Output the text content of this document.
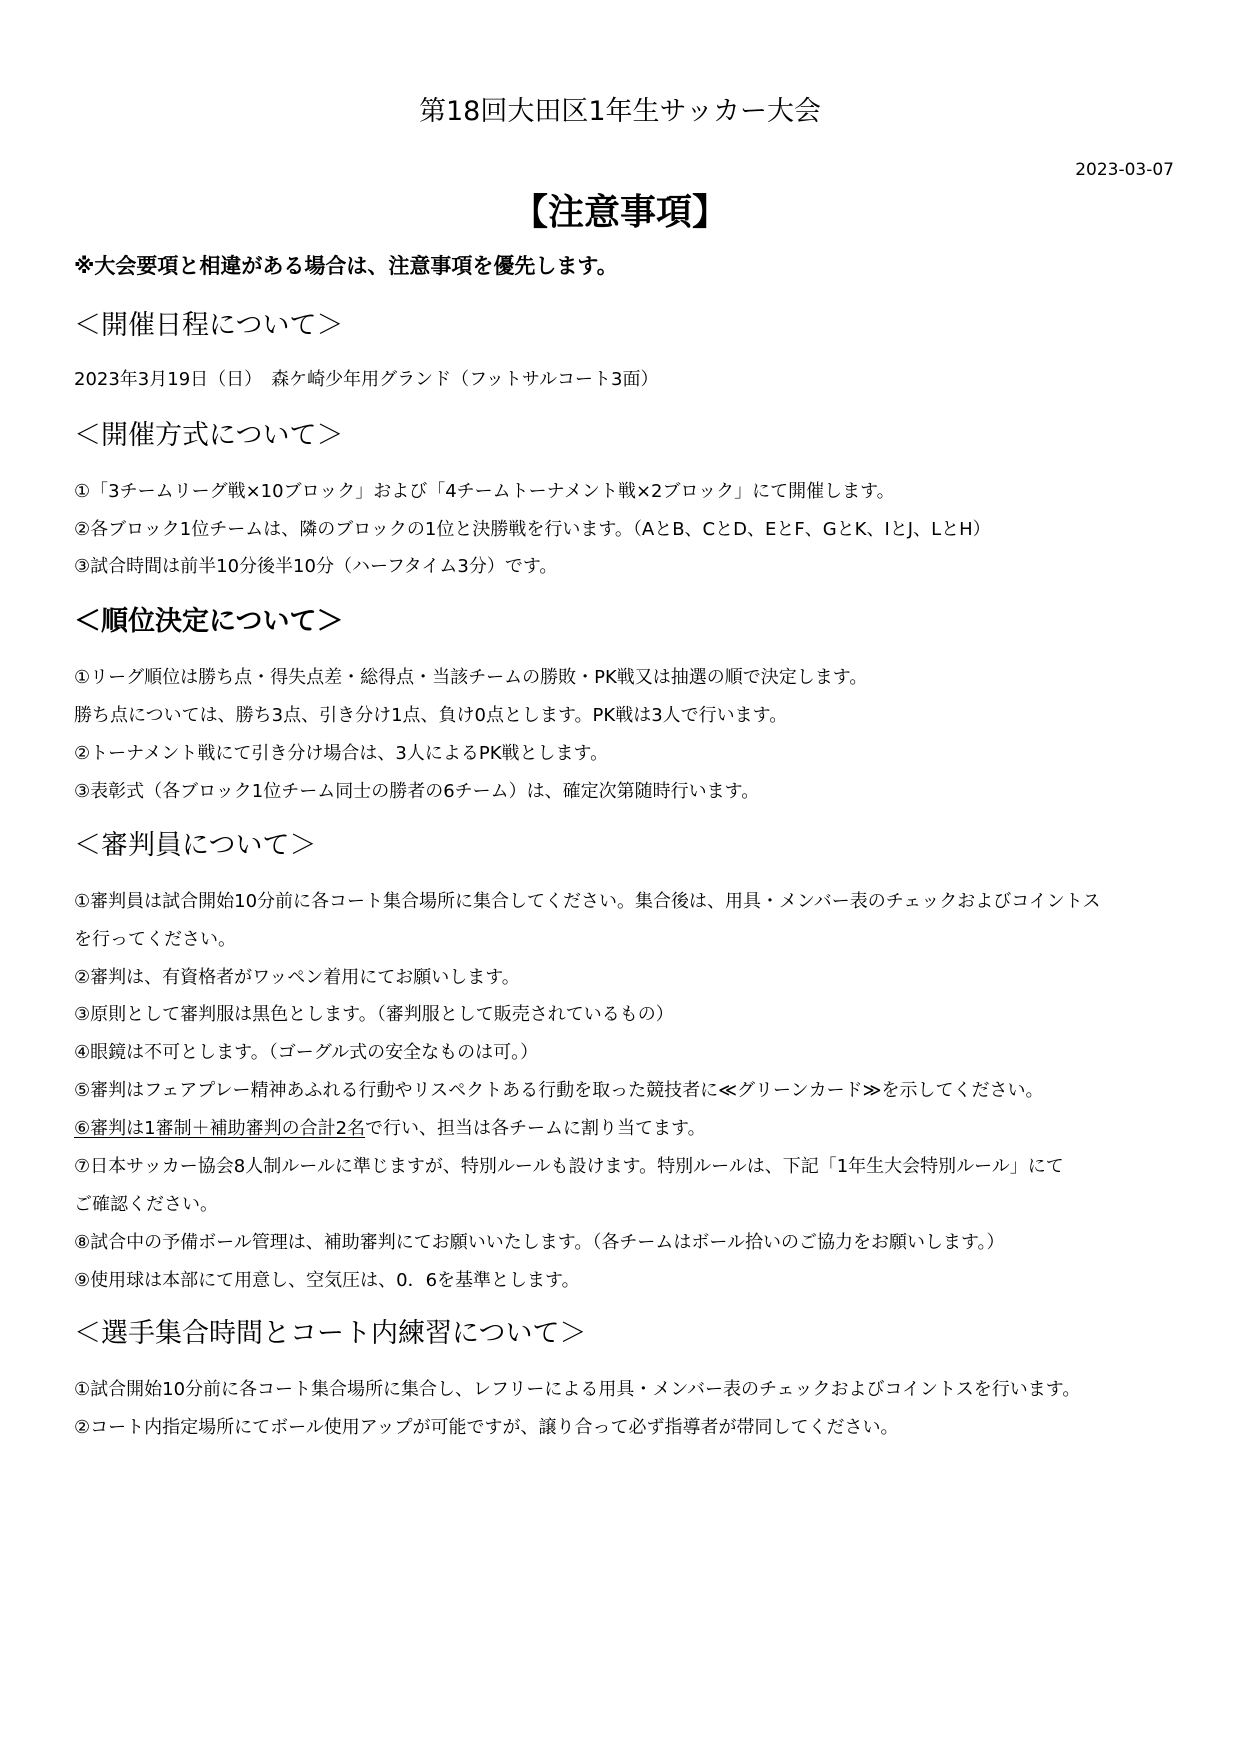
第18回大田区1年生サッカー大会
2023-03-07
【注意事項】
※大会要項と相違がある場合は、注意事項を優先します。
＜開催日程について＞
2023年3月19日（日）　森ケ崎少年用グランド（フットサルコート3面）
＜開催方式について＞
①「3チームリーグ戦×10ブロック」および「4チームトーナメント戦×2ブロック」にて開催します。
②各ブロック1位チームは、隣のブロックの1位と決勝戦を行います。（AとB、CとD、EとF、GとK、IとJ、LとH）
③試合時間は前半10分後半10分（ハーフタイム3分）です。
＜順位決定について＞
①リーグ順位は勝ち点・得失点差・総得点・当該チームの勝敗・PK戦又は抽選の順で決定します。
勝ち点については、勝ち3点、引き分け1点、負け0点とします。PK戦は3人で行います。
②トーナメント戦にて引き分け場合は、3人によるPK戦とします。
③表彰式（各ブロック1位チーム同士の勝者の6チーム）は、確定次第随時行います。
＜審判員について＞
①審判員は試合開始10分前に各コート集合場所に集合してください。集合後は、用具・メンバー表のチェックおよびコイントス
を行ってください。
②審判は、有資格者がワッペン着用にてお願いします。
③原則として審判服は黒色とします。（審判服として販売されているもの）
④眼鏡は不可とします。（ゴーグル式の安全なものは可。）
⑤審判はフェアプレー精神あふれる行動やリスペクトある行動を取った競技者に≪グリーンカード≫を示してください。
⑥審判は1審制＋補助審判の合計2名で行い、担当は各チームに割り当てます。
⑦日本サッカー協会8人制ルールに準じますが、特別ルールも設けます。特別ルールは、下記「1年生大会特別ルール」にて
ご確認ください。
⑧試合中の予備ボール管理は、補助審判にてお願いいたします。（各チームはボール拾いのご協力をお願いします。）
⑨使用球は本部にて用意し、空気圧は、0．6を基準とします。
＜選手集合時間とコート内練習について＞
①試合開始10分前に各コート集合場所に集合し、レフリーによる用具・メンバー表のチェックおよびコイントスを行います。
②コート内指定場所にてボール使用アップが可能ですが、譲り合って必ず指導者が帯同してください。
